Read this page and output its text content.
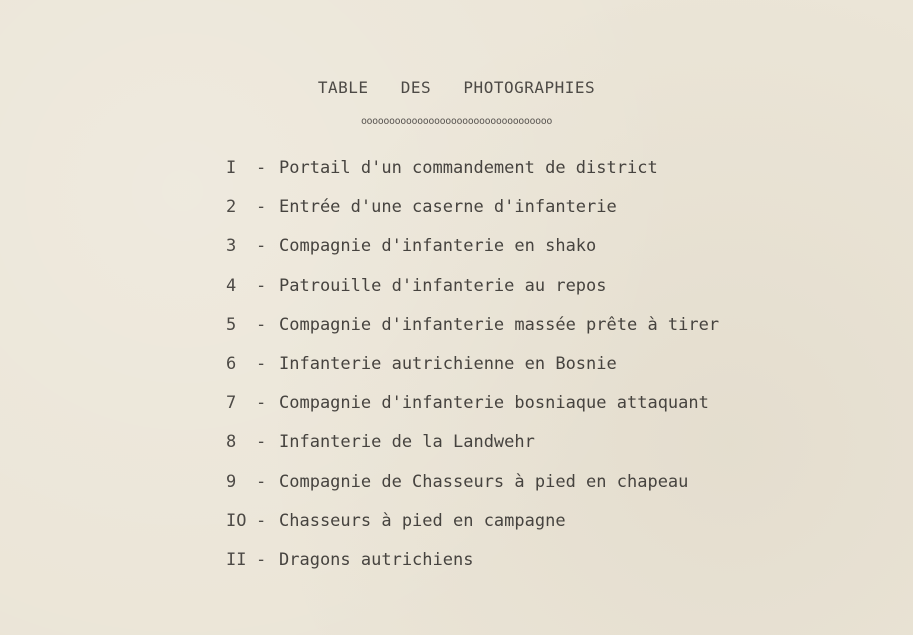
TABLE  DES  PHOTOGRAPHIES
oooooooooooooooooooooooooooooooooo

I

-

Portail d'un commandement de district

2

-

Entrée d'une caserne d'infanterie

3

-

Compagnie d'infanterie en shako

4

-

Patrouille d'infanterie au repos

5

-

Compagnie d'infanterie massée prête à tirer

6

-

Infanterie autrichienne en Bosnie

7

-

Compagnie d'infanterie bosniaque attaquant

8

-

Infanterie de la Landwehr

9

-

Compagnie de Chasseurs à pied en chapeau

IO

-

Chasseurs à pied en campagne

II

-

Dragons autrichiens
